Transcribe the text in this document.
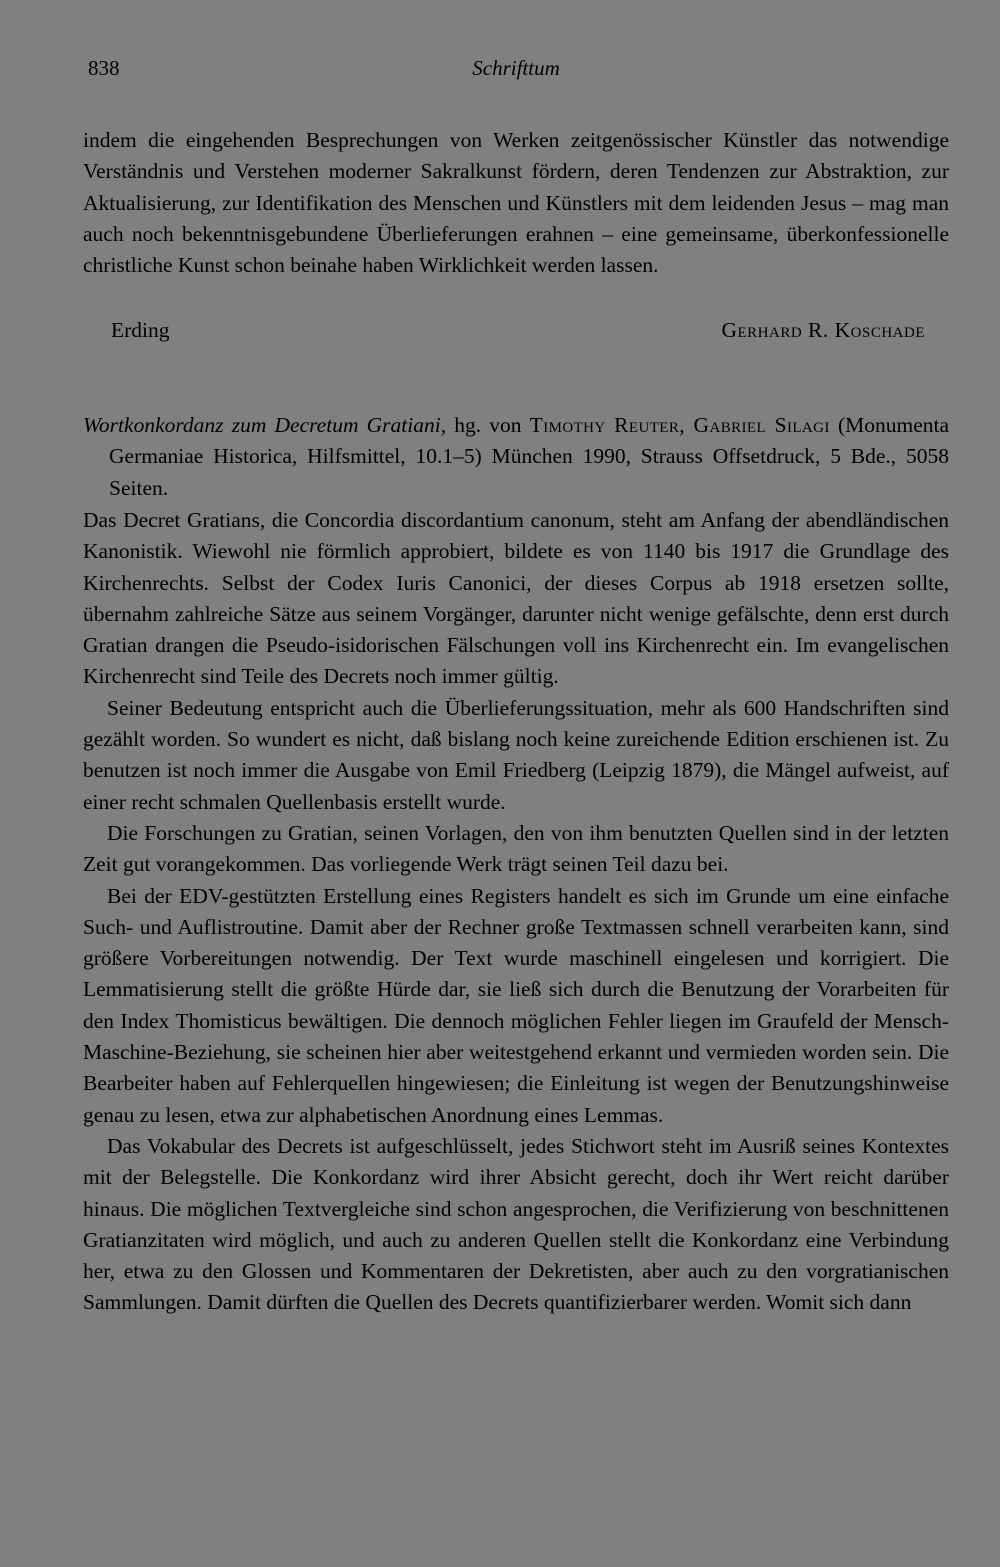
838	Schrifttum

indem die eingehenden Besprechungen von Werken zeitgenössischer Künstler das notwendige Verständnis und Verstehen moderner Sakralkunst fördern, deren Tendenzen zur Abstraktion, zur Aktualisierung, zur Identifikation des Menschen und Künstlers mit dem leidenden Jesus – mag man auch noch bekenntnisgebundene Überlieferungen erahnen – eine gemeinsame, überkonfessionelle christliche Kunst schon beinahe haben Wirklichkeit werden lassen.

Erding	Gerhard R. Koschade
Wortkonkordanz zum Decretum Gratiani, hg. von Timothy Reuter, Gabriel Silagi (Monumenta Germaniae Historica, Hilfsmittel, 10.1–5) München 1990, Strauss Offsetdruck, 5 Bde., 5058 Seiten.

Das Decret Gratians, die Concordia discordantium canonum, steht am Anfang der abendländischen Kanonistik. Wiewohl nie förmlich approbiert, bildete es von 1140 bis 1917 die Grundlage des Kirchenrechts. Selbst der Codex Iuris Canonici, der dieses Corpus ab 1918 ersetzen sollte, übernahm zahlreiche Sätze aus seinem Vorgänger, darunter nicht wenige gefälschte, denn erst durch Gratian drangen die Pseudo-isidorischen Fälschungen voll ins Kirchenrecht ein. Im evangelischen Kirchenrecht sind Teile des Decrets noch immer gültig.

Seiner Bedeutung entspricht auch die Überlieferungssituation, mehr als 600 Handschriften sind gezählt worden. So wundert es nicht, daß bislang noch keine zureichende Edition erschienen ist. Zu benutzen ist noch immer die Ausgabe von Emil Friedberg (Leipzig 1879), die Mängel aufweist, auf einer recht schmalen Quellenbasis erstellt wurde.

Die Forschungen zu Gratian, seinen Vorlagen, den von ihm benutzten Quellen sind in der letzten Zeit gut vorangekommen. Das vorliegende Werk trägt seinen Teil dazu bei.

Bei der EDV-gestützten Erstellung eines Registers handelt es sich im Grunde um eine einfache Such- und Auflistroutine. Damit aber der Rechner große Textmassen schnell verarbeiten kann, sind größere Vorbereitungen notwendig. Der Text wurde maschinell eingelesen und korrigiert. Die Lemmatisierung stellt die größte Hürde dar, sie ließ sich durch die Benutzung der Vorarbeiten für den Index Thomisticus bewältigen. Die dennoch möglichen Fehler liegen im Graufeld der Mensch-Maschine-Beziehung, sie scheinen hier aber weitestgehend erkannt und vermieden worden sein. Die Bearbeiter haben auf Fehlerquellen hingewiesen; die Einleitung ist wegen der Benutzungshinweise genau zu lesen, etwa zur alphabetischen Anordnung eines Lemmas.

Das Vokabular des Decrets ist aufgeschlüsselt, jedes Stichwort steht im Ausriß seines Kontextes mit der Belegstelle. Die Konkordanz wird ihrer Absicht gerecht, doch ihr Wert reicht darüber hinaus. Die möglichen Textvergleiche sind schon angesprochen, die Verifizierung von beschnittenen Gratianzitaten wird möglich, und auch zu anderen Quellen stellt die Konkordanz eine Verbindung her, etwa zu den Glossen und Kommentaren der Dekretisten, aber auch zu den vorgratianischen Sammlungen. Damit dürften die Quellen des Decrets quantifizierbarer werden. Womit sich dann
